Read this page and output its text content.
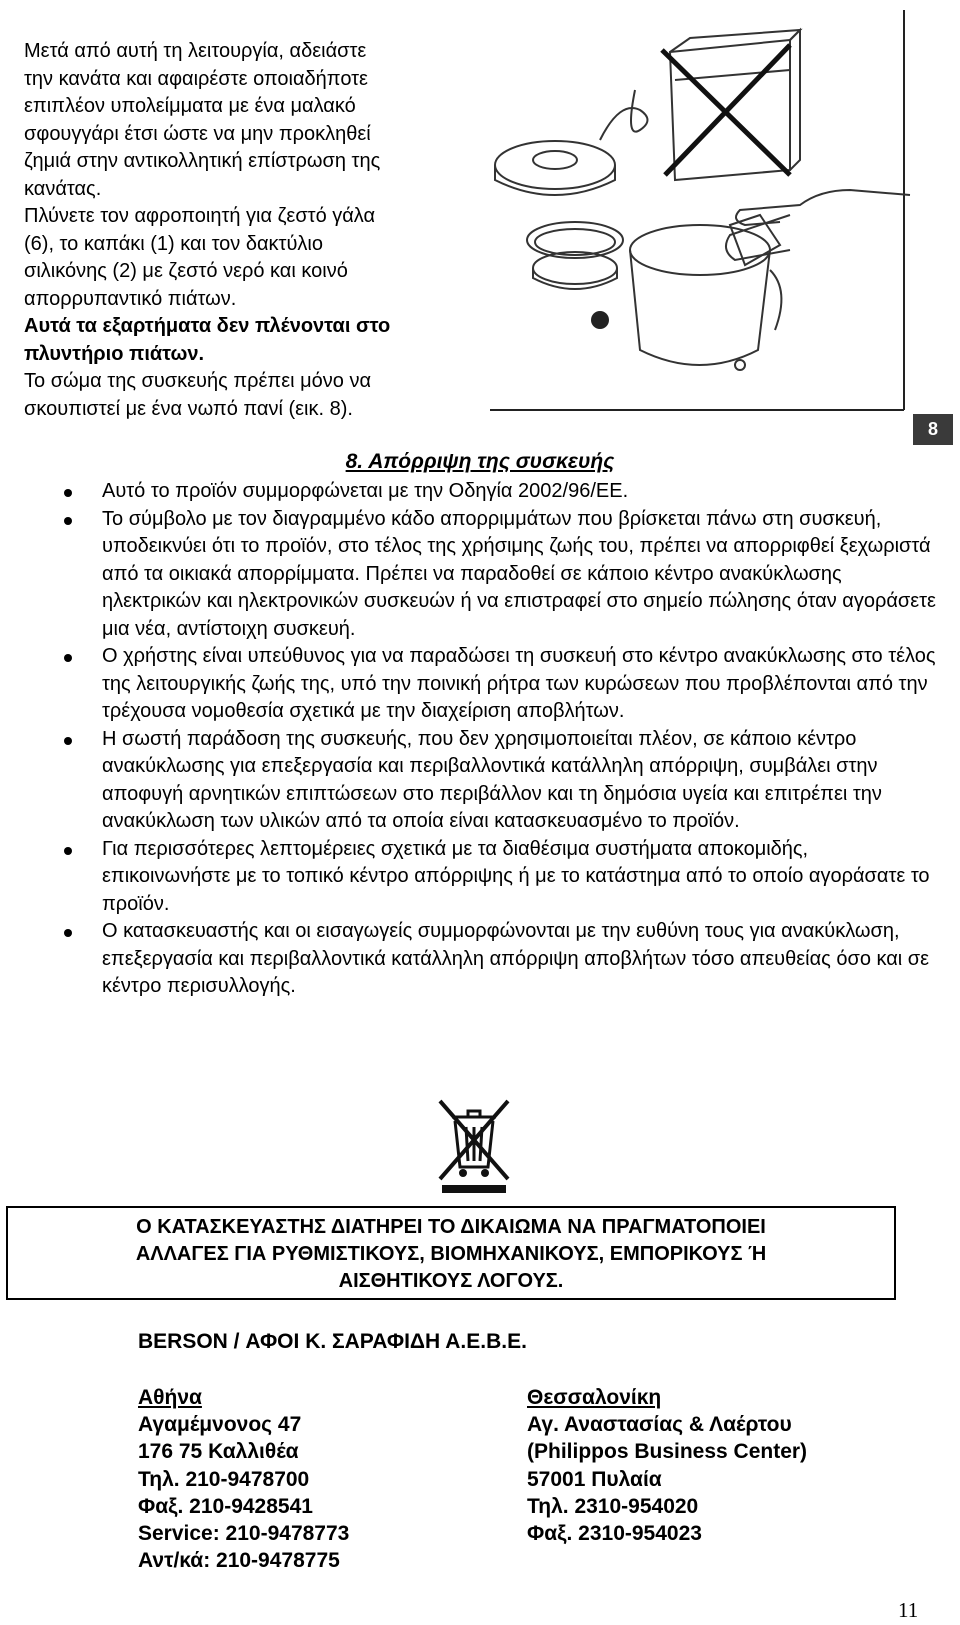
Μετά από αυτή τη λειτουργία, αδειάστε

την κανάτα και αφαιρέστε οποιαδήποτε

επιπλέον υπολείμματα με ένα μαλακό

σφουγγάρι έτσι ώστε να μην προκληθεί

ζημιά στην αντικολλητική επίστρωση της

κανάτας.

Πλύνετε τον αφροποιητή για ζεστό γάλα

(6), το καπάκι (1) και τον δακτύλιο

σιλικόνης (2) με ζεστό νερό και κοινό

απορρυπαντικό πιάτων.

Αυτά τα εξαρτήματα δεν πλένονται στο

πλυντήριο πιάτων.

Το σώμα της συσκευής πρέπει μόνο να

σκουπιστεί με ένα νωπό πανί (εικ. 8).

8
8. Απόρριψη της συσκευής
Αυτό το προϊόν συμμορφώνεται με την Οδηγία 2002/96/ΕΕ.
Το σύμβολο με τον διαγραμμένο κάδο απορριμμάτων που βρίσκεται πάνω στη συσκευή, υποδεικνύει ότι το προϊόν, στο τέλος της χρήσιμης ζωής του, πρέπει να απορριφθεί ξεχωριστά από τα οικιακά απορρίμματα. Πρέπει να παραδοθεί σε κάποιο κέντρο ανακύκλωσης ηλεκτρικών και ηλεκτρονικών συσκευών ή να επιστραφεί στο σημείο πώλησης όταν αγοράσετε μια νέα, αντίστοιχη συσκευή.
Ο χρήστης είναι υπεύθυνος για να παραδώσει τη συσκευή στο κέντρο ανακύκλωσης στο τέλος της λειτουργικής ζωής της, υπό την ποινική ρήτρα των κυρώσεων που προβλέπονται από την τρέχουσα νομοθεσία σχετικά με την διαχείριση αποβλήτων.
Η σωστή παράδοση της συσκευής, που δεν χρησιμοποιείται πλέον, σε κάποιο κέντρο ανακύκλωσης για επεξεργασία και περιβαλλοντικά κατάλληλη απόρριψη, συμβάλει στην αποφυγή αρνητικών επιπτώσεων στο περιβάλλον και τη δημόσια υγεία και επιτρέπει την ανακύκλωση των υλικών από τα οποία είναι κατασκευασμένο το προϊόν.
Για περισσότερες λεπτομέρειες σχετικά με τα διαθέσιμα συστήματα αποκομιδής, επικοινωνήστε με το τοπικό κέντρο απόρριψης ή με το κατάστημα από το οποίο αγοράσατε το προϊόν.
Ο κατασκευαστής και οι εισαγωγείς συμμορφώνονται με την ευθύνη τους για ανακύκλωση, επεξεργασία και περιβαλλοντικά κατάλληλη απόρριψη αποβλήτων τόσο απευθείας όσο και σε κέντρο περισυλλογής.
Ο ΚΑΤΑΣΚΕΥΑΣΤΗΣ ΔΙΑΤΗΡΕΙ ΤΟ ΔΙΚΑΙΩΜΑ ΝΑ ΠΡΑΓΜΑΤΟΠΟΙΕΙ
ΑΛΛΑΓΕΣ ΓΙΑ ΡΥΘΜΙΣΤΙΚΟΥΣ, ΒΙΟΜΗΧΑΝΙΚΟΥΣ, ΕΜΠΟΡΙΚΟΥΣ Ή
ΑΙΣΘΗΤΙΚΟΥΣ ΛΟΓΟΥΣ.
BERSON / ΑΦΟΙ Κ. ΣΑΡΑΦΙΔΗ Α.Ε.Β.Ε.
Αθήνα
Αγαμέμνονος 47
176 75 Καλλιθέα
Τηλ. 210-9478700
Φαξ. 210-9428541
Service: 210-9478773
Αντ/κά: 210-9478775
Θεσσαλονίκη
Αγ. Αναστασίας & Λαέρτου
(Philippos Business Center)
57001 Πυλαία
Τηλ. 2310-954020
Φαξ. 2310-954023
11
